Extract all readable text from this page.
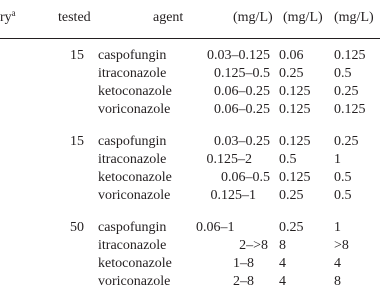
$ry^a$	tested	agent	(mg/L) (mg/L) (mg/L)
15 caspofungin	0.03–0.125 0.06 0.125
itraconazole	0.125–0.5 0.25 0.5
ketoconazole	0.06–0.25 0.125 0.25
voriconazole	0.06–0.25 0.125 0.125
15 caspofungin	0.03–0.25 0.125 0.25
itraconazole	0.125–2 0.5	1
ketoconazole	0.06–0.5 0.125 0.5
voriconazole	0.125–1 0.25 0.5
50 caspofungin 0.06–1	0.25 1
itraconazole	2–>8 8	>8
ketoconazole	1–8 4	4
voriconazole	2–8 4	8
